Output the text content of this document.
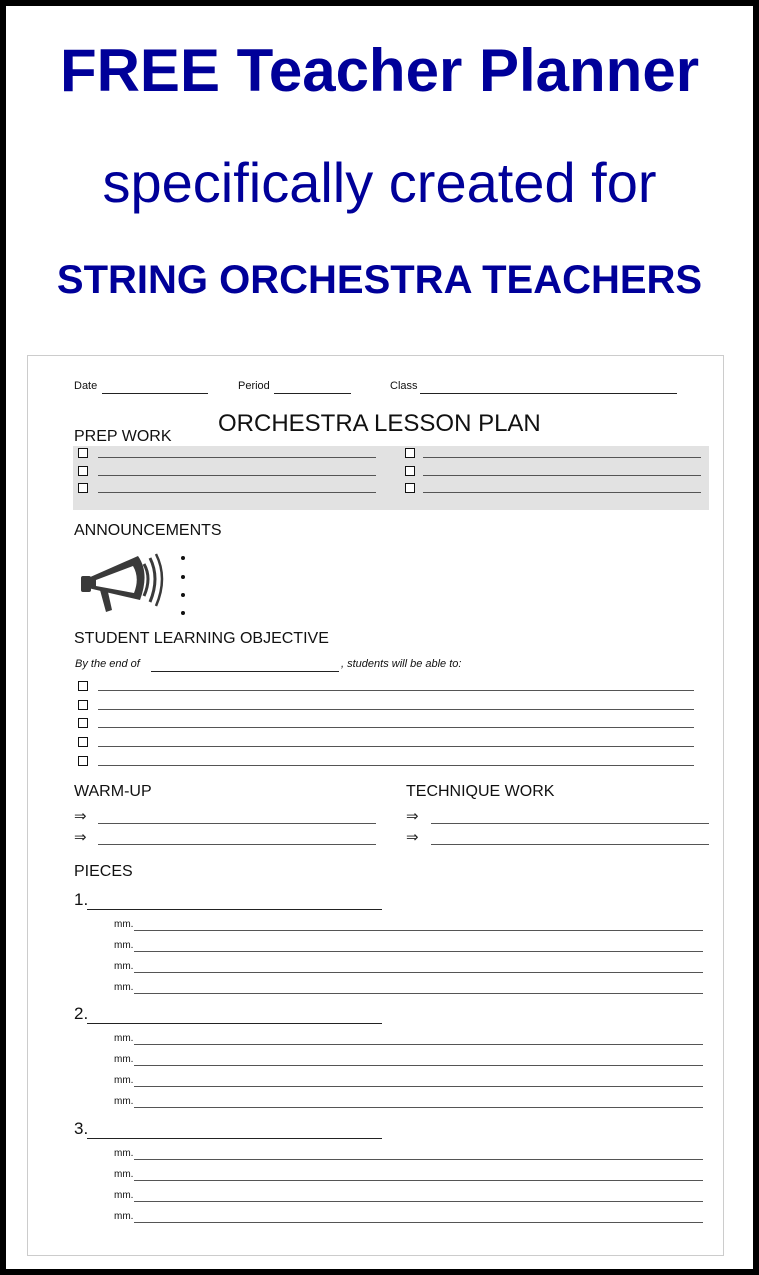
FREE Teacher Planner
specifically created for
STRING ORCHESTRA TEACHERS
Date	Period	Class
ORCHESTRA LESSON PLAN
PREP WORK
ANNOUNCEMENTS
STUDENT LEARNING OBJECTIVE
By the end of	, students will be able to:
WARM-UP	TECHNIQUE WORK
PIECES
⇒	⇒
⇒	⇒
1.
mm.
mm.
mm.
mm.
2.
mm.
mm.
mm.
mm.
3.
mm.
mm.
mm.
mm.
